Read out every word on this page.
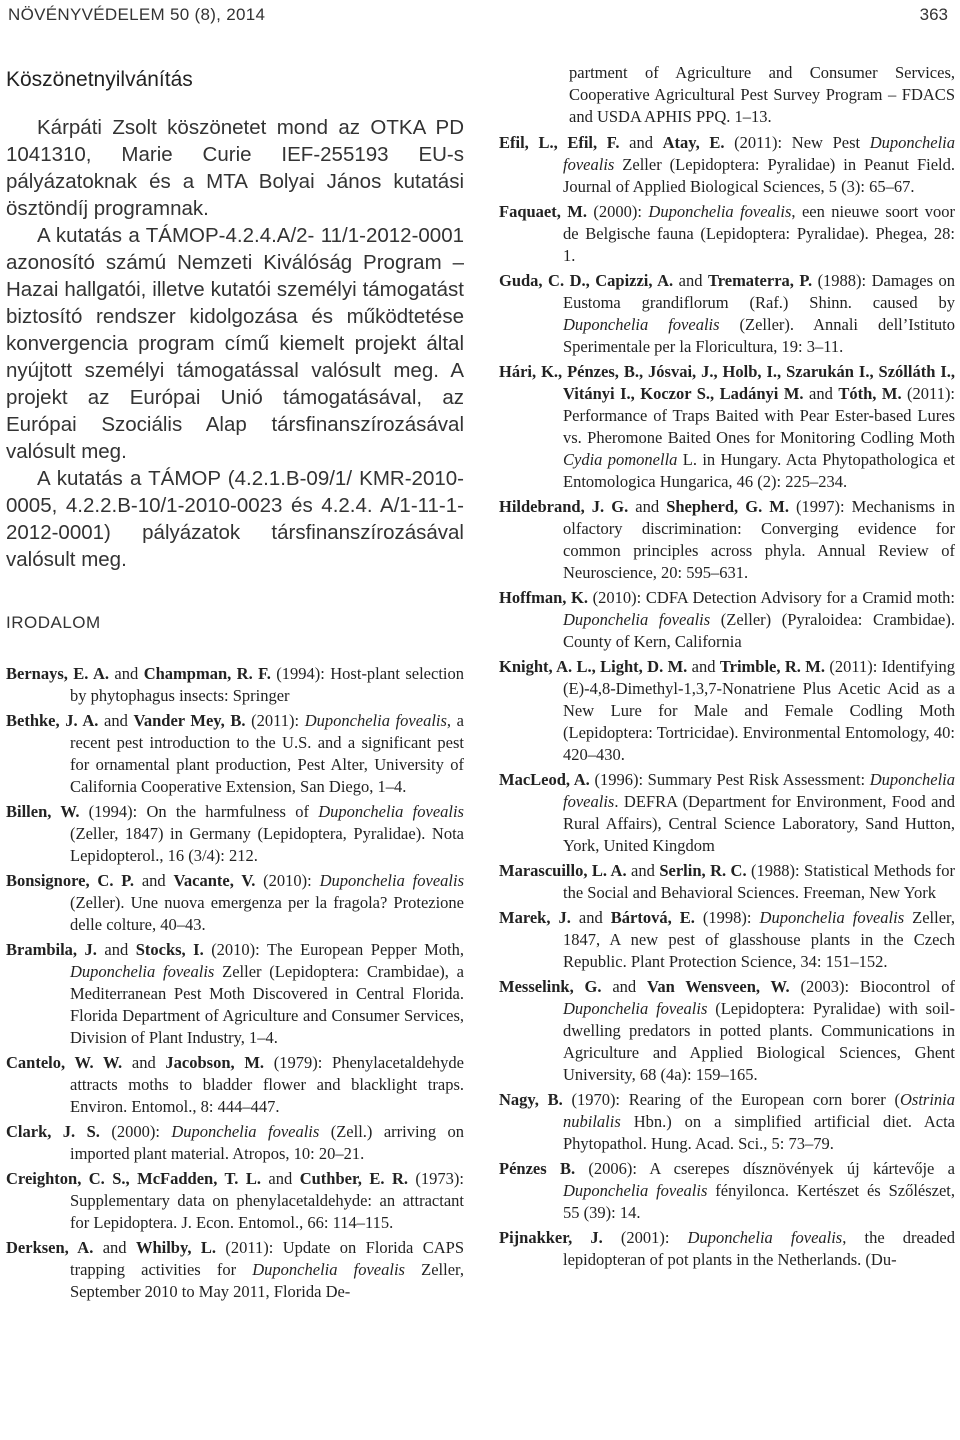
NÖVÉNYVÉDELEM 50 (8), 2014	363
Köszönetnyilvánítás

Kárpáti Zsolt köszönetet mond az OTKA PD 1041310, Marie Curie IEF-255193 EU-s pályázatoknak és a MTA Bolyai János kutatási ösztöndíj programnak.

A kutatás a TÁMOP-4.2.4.A/2- 11/1-2012-0001 azonosító számú Nemzeti Kiválóság Program – Hazai hallgatói, illetve kutatói személyi támogatást biztosító rendszer kidolgozása és működtetése konvergencia program című kiemelt projekt által nyújtott személyi támogatással valósult meg. A projekt az Európai Unió támogatásával, az Európai Szociális Alap társfinanszírozásával valósult meg.

A kutatás a TÁMOP (4.2.1.B-09/1/ KMR-2010-0005, 4.2.2.B-10/1-2010-0023 és 4.2.4. A/1-11-1-2012-0001) pályázatok társfinanszírozásával valósult meg.

IRODALOM

Bernays, E. A. and Champman, R. F. (1994): Host-plant selection by phytophagus insects: Springer

Bethke, J. A. and Vander Mey, B. (2011): Duponchelia fovealis, a recent pest introduction to the U.S. and a significant pest for ornamental plant production, Pest Alter, University of California Cooperative Extension, San Diego, 1–4.

Billen, W. (1994): On the harmfulness of Duponchelia fovealis (Zeller, 1847) in Germany (Lepidoptera, Pyralidae). Nota Lepidopterol., 16 (3/4): 212.

Bonsignore, C. P. and Vacante, V. (2010): Duponchelia fovealis (Zeller). Une nuova emergenza per la fragola? Protezione delle colture, 40–43.

Brambila, J. and Stocks, I. (2010): The European Pepper Moth, Duponchelia fovealis Zeller (Lepidoptera: Crambidae), a Mediterranean Pest Moth Discovered in Central Florida. Florida Department of Agriculture and Consumer Services, Division of Plant Industry, 1–4.

Cantelo, W. W. and Jacobson, M. (1979): Phenylacetaldehyde attracts moths to bladder flower and blacklight traps. Environ. Entomol., 8: 444–447.

Clark, J. S. (2000): Duponchelia fovealis (Zell.) arriving on imported plant material. Atropos, 10: 20–21.

Creighton, C. S., McFadden, T. L. and Cuthber, E. R. (1973): Supplementary data on phenylacetaldehyde: an attractant for Lepidoptera. J. Econ. Entomol., 66: 114–115.

Derksen, A. and Whilby, L. (2011): Update on Florida CAPS trapping activities for Duponchelia fovealis Zeller, September 2010 to May 2011, Florida De-

partment of Agriculture and Consumer Services, Cooperative Agricultural Pest Survey Program – FDACS and USDA APHIS PPQ. 1–13.

Efil, L., Efil, F. and Atay, E. (2011): New Pest Duponchelia fovealis Zeller (Lepidoptera: Pyralidae) in Peanut Field. Journal of Applied Biological Sciences, 5 (3): 65–67.

Faquaet, M. (2000): Duponchelia fovealis, een nieuwe soort voor de Belgische fauna (Lepidoptera: Pyralidae). Phegea, 28: 1.

Guda, C. D., Capizzi, A. and Trematerra, P. (1988): Damages on Eustoma grandiflorum (Raf.) Shinn. caused by Duponchelia fovealis (Zeller). Annali dell’Istituto Sperimentale per la Floricultura, 19: 3–11.

Hári, K., Pénzes, B., Jósvai, J., Holb, I., Szarukán I., Szólláth I., Vitányi I., Koczor S., Ladányi M. and Tóth, M. (2011): Performance of Traps Baited with Pear Ester-based Lures vs. Pheromone Baited Ones for Monitoring Codling Moth Cydia pomonella L. in Hungary. Acta Phytopathologica et Entomologica Hungarica, 46 (2): 225–234.

Hildebrand, J. G. and Shepherd, G. M. (1997): Mechanisms in olfactory discrimination: Converging evidence for common principles across phyla. Annual Review of Neuroscience, 20: 595–631.

Hoffman, K. (2010): CDFA Detection Advisory for a Cramid moth: Duponchelia fovealis (Zeller) (Pyraloidea: Crambidae). County of Kern, California

Knight, A. L., Light, D. M. and Trimble, R. M. (2011): Identifying (E)-4,8-Dimethyl-1,3,7-Nonatriene Plus Acetic Acid as a New Lure for Male and Female Codling Moth (Lepidoptera: Tortricidae). Environmental Entomology, 40: 420–430.

MacLeod, A. (1996): Summary Pest Risk Assessment: Duponchelia fovealis. DEFRA (Department for Environment, Food and Rural Affairs), Central Science Laboratory, Sand Hutton, York, United Kingdom

Marascuillo, L. A. and Serlin, R. C. (1988): Statistical Methods for the Social and Behavioral Sciences. Freeman, New York

Marek, J. and Bártová, E. (1998): Duponchelia fovealis Zeller, 1847, A new pest of glasshouse plants in the Czech Republic. Plant Protection Science, 34: 151–152.

Messelink, G. and Van Wensveen, W. (2003): Biocontrol of Duponchelia fovealis (Lepidoptera: Pyralidae) with soil-dwelling predators in potted plants. Communications in Agriculture and Applied Biological Sciences, Ghent University, 68 (4a): 159–165.

Nagy, B. (1970): Rearing of the European corn borer (Ostrinia nubilalis Hbn.) on a simplified artificial diet. Acta Phytopathol. Hung. Acad. Sci., 5: 73–79.

Pénzes B. (2006): A cserepes dísznövények új kártevője a Duponchelia fovealis fényiloncа. Kertészet és Szőlészet, 55 (39): 14.

Pijnakker, J. (2001): Duponchelia fovealis, the dreaded lepidopteran of pot plants in the Netherlands. (Du-
